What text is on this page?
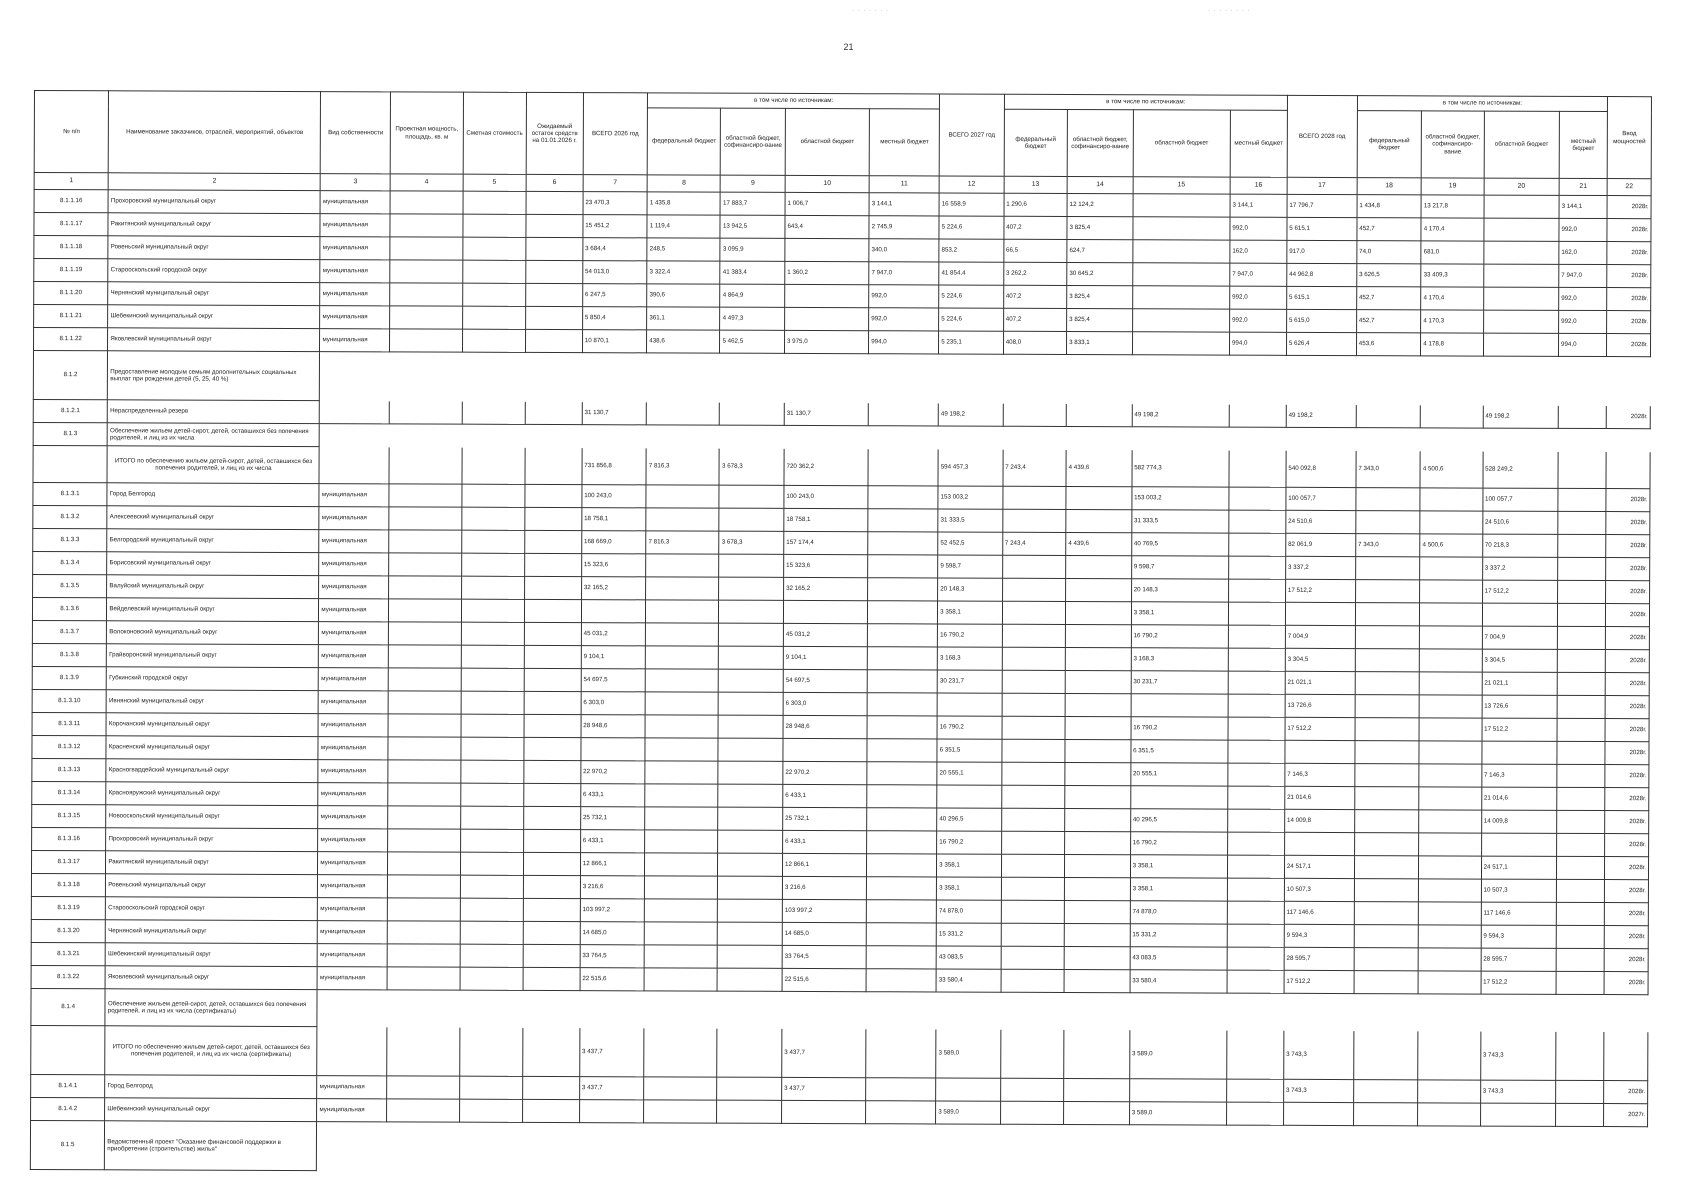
· · · · · · ·	· · · · · · · ·
21
№ п/п	Наименование заказчиков, отраслей, мероприятий, объектов	Вид собственности	Проектная мощность, площадь, кв. м	Сметная стоимость	Ожидаемый остаток средств на 01.01.2026 г.	ВСЕГО 2026 год	в том числе по источникам:				ВСЕГО 2027 год	в том числе по источникам:				ВСЕГО 2028 год	в том числе по источникам:				Ввод мощностей
							федеральный бюджет	областной бюджет, софинансиро-вание	областной бюджет	местный бюджет		федеральный бюджет	областной бюджет, софинансиро-вание	областной бюджет	местный бюджет		федеральный бюджет	областной бюджет, софинансиро-вание	областной бюджет	местный бюджет	
1	2	3	4	5	6	7	8	9	10	11	12	13	14	15	16	17	18	19	20	21	22
8.1.1.16	Прохоровский муниципальный округ	муниципальная				23 470,3	1 435,8	17 883,7	1 006,7	3 144,1	16 558,9	1 290,6	12 124,2		3 144,1	17 796,7	1 434,8	13 217,8		3 144,1	2028г.
8.1.1.17	Ракитянский муниципальный округ	муниципальная				15 451,2	1 119,4	13 942,5	643,4	2 745,9	5 224,6	407,2	3 825,4		992,0	5 615,1	452,7	4 170,4		992,0	2028г.
8.1.1.18	Ровеньский муниципальный округ	муниципальная				3 684,4	248,5	3 095,9		340,0	853,2	66,5	624,7		162,0	917,0	74,0	681,0		162,0	2028г.
8.1.1.19	Старооскольский городской округ	муниципальная				54 013,0	3 322,4	41 383,4	1 360,2	7 947,0	41 854,4	3 262,2	30 645,2		7 947,0	44 962,8	3 626,5	33 409,3		7 947,0	2028г.
8.1.1.20	Чернянский муниципальный округ	муниципальная				6 247,5	390,6	4 864,9		992,0	5 224,6	407,2	3 825,4		992,0	5 615,1	452,7	4 170,4		992,0	2028г.
8.1.1.21	Шебекинский муниципальный округ	муниципальная				5 850,4	361,1	4 497,3		992,0	5 224,6	407,2	3 825,4		992,0	5 615,0	452,7	4 170,3		992,0	2028г.
8.1.1.22	Яковлевский муниципальный округ	муниципальная				10 870,1	438,6	5 462,5	3 975,0	994,0	5 235,1	408,0	3 833,1		994,0	5 626,4	453,6	4 178,8		994,0	2028г.
8.1.2	Предоставление молодым семьям дополнительных социальных выплат при рождении детей (5, 25, 40 %)																				
8.1.2.1	Нераспределенный резерв					31 130,7			31 130,7		49 198,2			49 198,2		49 198,2			49 198,2		2028г.
8.1.3	Обеспечение жильем детей-сирот, детей, оставшихся без попечения родителей, и лиц из их числа																				
	ИТОГО по обеспечению жильем детей-сирот, детей, оставшихся без попечения родителей, и лиц из их числа					731 856,8	7 816,3	3 678,3	720 362,2		594 457,3	7 243,4	4 439,6	582 774,3		540 092,8	7 343,0	4 500,6	528 249,2		
8.1.3.1	Город Белгород	муниципальная				100 243,0			100 243,0		153 003,2			153 003,2		100 057,7			100 057,7		2028г.
8.1.3.2	Алексеевский муниципальный округ	муниципальная				18 758,1			18 758,1		31 333,5			31 333,5		24 510,6			24 510,6		2028г.
8.1.3.3	Белгородский муниципальный округ	муниципальная				168 669,0	7 816,3	3 678,3	157 174,4		52 452,5	7 243,4	4 439,6	40 769,5		82 061,9	7 343,0	4 500,6	70 218,3		2028г.
8.1.3.4	Борисовский муниципальный округ	муниципальная				15 323,6			15 323,6		9 598,7			9 598,7		3 337,2			3 337,2		2028г.
8.1.3.5	Валуйский муниципальный округ	муниципальная				32 165,2			32 165,2		20 148,3			20 148,3		17 512,2			17 512,2		2028г.
8.1.3.6	Вейделевский муниципальный округ	муниципальная									3 358,1			3 358,1							2028г.
8.1.3.7	Волоконовский муниципальный округ	муниципальная				45 031,2			45 031,2		16 790,2			16 790,2		7 004,9			7 004,9		2028г.
8.1.3.8	Грайворонский муниципальный округ	муниципальная				9 104,1			9 104,1		3 168,3			3 168,3		3 304,5			3 304,5		2028г.
8.1.3.9	Губкинский городской округ	муниципальная				54 697,5			54 697,5		30 231,7			30 231,7		21 021,1			21 021,1		2028г.
8.1.3.10	Ивнянский муниципальный округ	муниципальная				6 303,0			6 303,0							13 726,6			13 726,6		2028г.
8.1.3.11	Корочанский муниципальный округ	муниципальная				28 948,6			28 948,6		16 790,2			16 790,2		17 512,2			17 512,2		2028г.
8.1.3.12	Красненский муниципальный округ	муниципальная									6 351,5			6 351,5							2028г.
8.1.3.13	Красногвардейский муниципальный округ	муниципальная				22 970,2			22 970,2		20 555,1			20 555,1		7 146,3			7 146,3		2028г.
8.1.3.14	Краснояружский муниципальный округ	муниципальная				6 433,1			6 433,1							21 014,6			21 014,6		2028г.
8.1.3.15	Новооскольский муниципальный округ	муниципальная				25 732,1			25 732,1		40 296,5			40 296,5		14 009,8			14 009,8		2028г.
8.1.3.16	Прохоровский муниципальный округ	муниципальная				6 433,1			6 433,1		16 790,2			16 790,2							2028г.
8.1.3.17	Ракитянский муниципальный округ	муниципальная				12 866,1			12 866,1		3 358,1			3 358,1		24 517,1			24 517,1		2028г.
8.1.3.18	Ровеньский муниципальный округ	муниципальная				3 216,6			3 216,6		3 358,1			3 358,1		10 507,3			10 507,3		2028г.
8.1.3.19	Старооскольский городской округ	муниципальная				103 997,2			103 997,2		74 878,0			74 878,0		117 146,6			117 146,6		2028г.
8.1.3.20	Чернянский муниципальный округ	муниципальная				14 685,0			14 685,0		15 331,2			15 331,2		9 594,3			9 594,3		2028г.
8.1.3.21	Шебекинский муниципальный округ	муниципальная				33 764,5			33 764,5		43 083,5			43 083,5		28 595,7			28 595,7		2028г.
8.1.3.22	Яковлевский муниципальный округ	муниципальная				22 515,6			22 515,6		33 580,4			33 580,4		17 512,2			17 512,2		2028г.
8.1.4	Обеспечение жильем детей-сирот, детей, оставшихся без попечения родителей, и лиц из их числа (сертификаты)																				
	ИТОГО по обеспечению жильем детей-сирот, детей, оставшихся без попечения родителей, и лиц из их числа (сертификаты)					3 437,7			3 437,7		3 589,0			3 589,0		3 743,3			3 743,3		
8.1.4.1	Город Белгород	муниципальная				3 437,7			3 437,7							3 743,3			3 743,3		2028г.
8.1.4.2	Шебекинский муниципальный округ	муниципальная									3 589,0			3 589,0							2027г.
8.1.5	Ведомственный проект "Оказание финансовой поддержки в приобретении (строительстве) жилья"																				
